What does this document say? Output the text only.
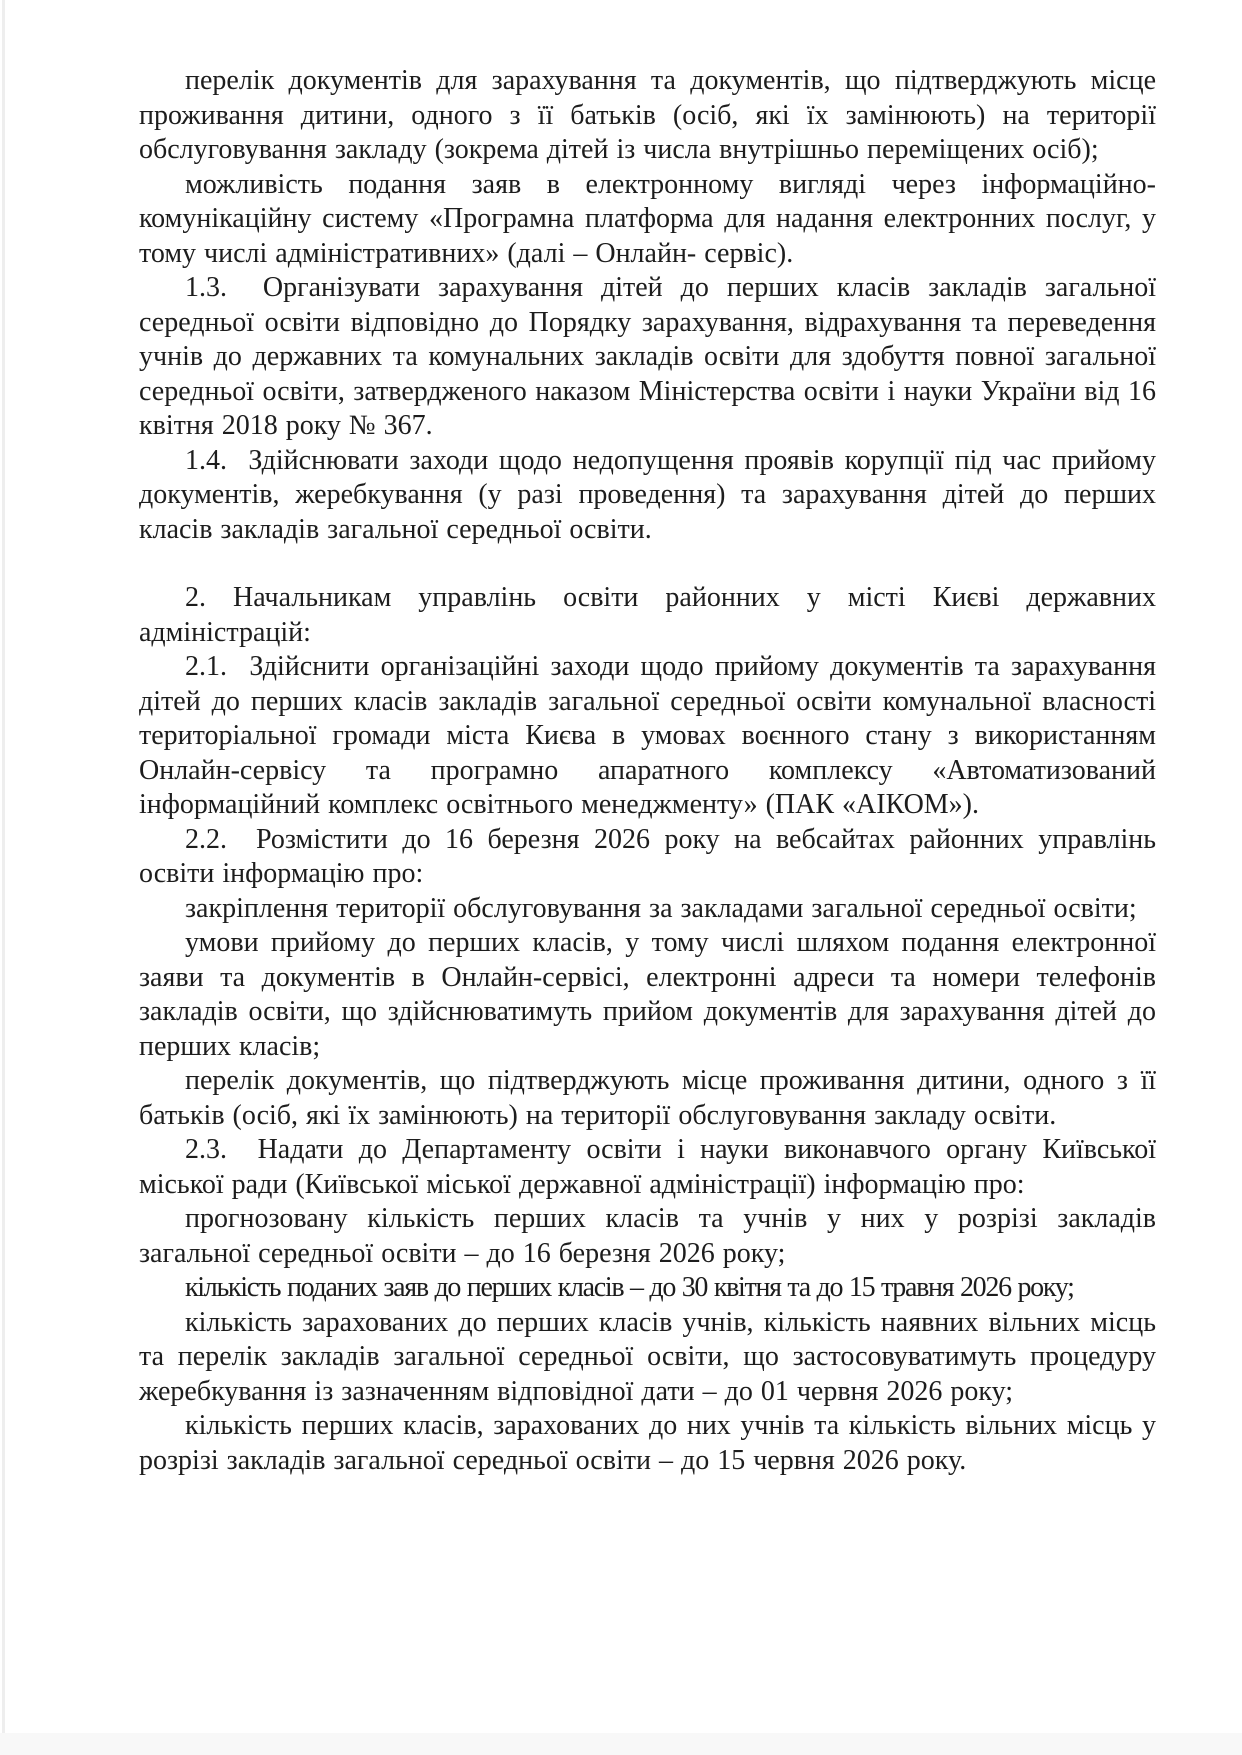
перелік документів для зарахування та документів, що підтверджують місце проживання дитини, одного з її батьків (осіб, які їх замінюють) на території обслуговування закладу (зокрема дітей із числа внутрішньо переміщених осіб);

можливість подання заяв в електронному вигляді через інформаційно-комунікаційну систему «Програмна платформа для надання електронних послуг, у тому числі адміністративних» (далі – Онлайн- сервіс).

1.3.  Організувати зарахування дітей до перших класів закладів загальної середньої освіти відповідно до Порядку зарахування, відрахування та переведення учнів до державних та комунальних закладів освіти для здобуття повної загальної середньої освіти, затвердженого наказом Міністерства освіти і науки України від 16 квітня 2018 року № 367.

1.4.  Здійснювати заходи щодо недопущення проявів корупції під час прийому документів, жеребкування (у разі проведення) та зарахування дітей до перших класів закладів загальної середньої освіти.

2. Начальникам управлінь освіти районних у місті Києві державних адміністрацій:

2.1.  Здійснити організаційні заходи щодо прийому документів та зарахування дітей до перших класів закладів загальної середньої освіти комунальної власності територіальної громади міста Києва в умовах воєнного стану з використанням Онлайн-сервісу та програмно апаратного комплексу «Автоматизований інформаційний комплекс освітнього менеджменту» (ПАК «АІКОМ»).

2.2.  Розмістити до 16 березня 2026 року на вебсайтах районних управлінь освіти інформацію про:

закріплення території обслуговування за закладами загальної середньої освіти;

умови прийому до перших класів, у тому числі шляхом подання електронної заяви та документів в Онлайн-сервісі, електронні адреси та номери телефонів закладів освіти, що здійснюватимуть прийом документів для зарахування дітей до перших класів;

перелік документів, що підтверджують місце проживання дитини, одного з її батьків (осіб, які їх замінюють) на території обслуговування закладу освіти.

2.3.  Надати до Департаменту освіти і науки виконавчого органу Київської міської ради (Київської міської державної адміністрації) інформацію про:

прогнозовану кількість перших класів та учнів у них у розрізі закладів загальної середньої освіти – до 16 березня 2026 року;

кількість поданих заяв до перших класів – до 30 квітня та до 15 травня 2026 року;

кількість зарахованих до перших класів учнів, кількість наявних вільних місць та перелік закладів загальної середньої освіти, що застосовуватимуть процедуру жеребкування із зазначенням відповідної дати – до 01 червня 2026 року;

кількість перших класів, зарахованих до них учнів та кількість вільних місць у розрізі закладів загальної середньої освіти – до 15 червня 2026 року.
